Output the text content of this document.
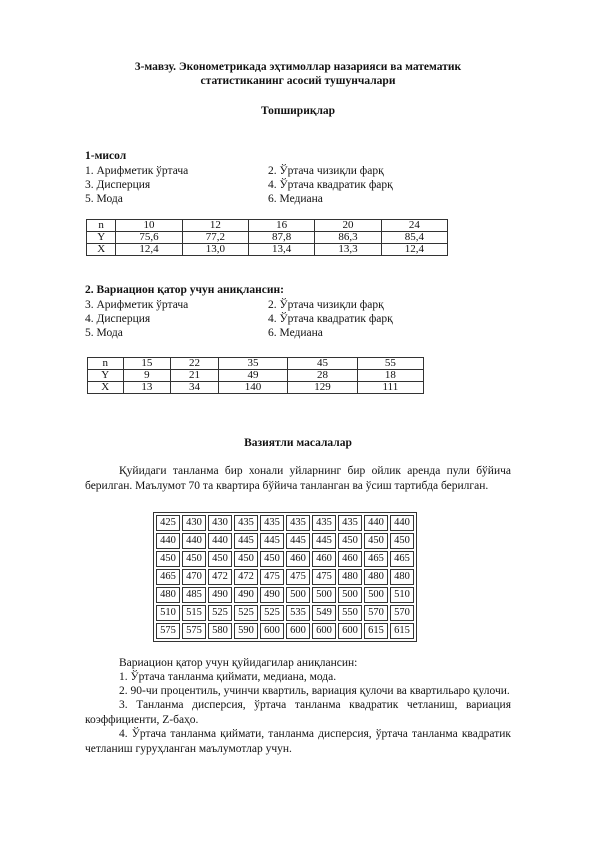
3-мавзу. Эконометрикада эҳтимоллар назарияси ва математик
статистиканинг асосий тушунчалари
Топшириқлар
1-мисол
1. Арифметик ўртача
3. Дисперция
5. Мода
2. Ўртача чизиқли фарқ
4. Ўртача квадратик фарқ
6. Медиана
n	10	12	16	20	24
Y	75,6	77,2	87,8	86,3	85,4
X	12,4	13,0	13,4	13,3	12,4
2. Вариацион қатор учун аниқлансин:
3. Арифметик ўртача
4. Дисперция
5. Мода
2. Ўртача чизиқли фарқ
4. Ўртача квадратик фарқ
6. Медиана
n	15	22	35	45	55
Y	9	21	49	28	18
X	13	34	140	129	111
Вазиятли масалалар
Қуйидаги танланма бир хонали уйларнинг бир ойлик аренда пули бўйича берилган. Маълумот 70 та квартира бўйича танланган ва ўсиш тартибда берилган.
425	430	430	435	435	435	435	435	440	440
440	440	440	445	445	445	445	450	450	450
450	450	450	450	450	460	460	460	465	465
465	470	472	472	475	475	475	480	480	480
480	485	490	490	490	500	500	500	500	510
510	515	525	525	525	535	549	550	570	570
575	575	580	590	600	600	600	600	615	615
Вариацион қатор учун қуйидагилар аниқлансин:
1. Ўртача танланма қиймати, медиана, мода.
2. 90-чи процентиль, учинчи квартиль, вариация қулочи ва квартильаро қулочи.
3. Танланма дисперсия, ўртача танланма квадратик четланиш, вариация коэффициенти, Z-баҳо.
4. Ўртача танланма қиймати, танланма дисперсия, ўртача танланма квадратик четланиш гуруҳланган маълумотлар учун.
